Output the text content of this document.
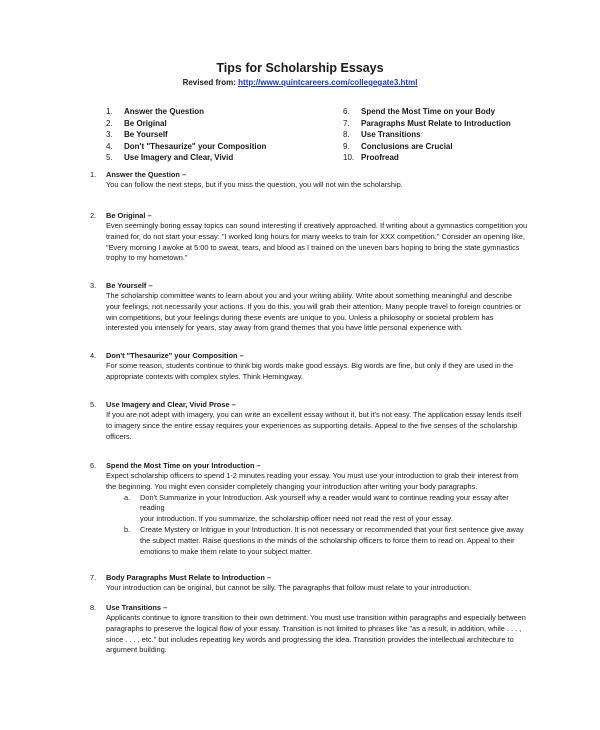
Tips for Scholarship Essays
Revised from: http://www.quintcareers.com/collegegate3.html
1.	Answer the Question
2.	Be Original
3.	Be Yourself
4.	Don't "Thesaurize" your Composition
5.	Use Imagery and Clear, Vivid
6.	Spend the Most Time on your Body
7.	Paragraphs Must Relate to Introduction
8.	Use Transitions
9.	Conclusions are Crucial
10. Proofread
1.	Answer the Question –
You can follow the next steps, but if you miss the question, you will not win the scholarship.
2.	Be Original –
Even seemingly boring essay topics can sound interesting if creatively approached. If writing about a gymnastics competition you
trained for, do not start your essay: "I worked long hours for many weeks to train for XXX competition." Consider an opening like,
"Every morning I awoke at 5:00 to sweat, tears, and blood as I trained on the uneven bars hoping to bring the state gymnastics
trophy to my hometown."
3.	Be Yourself –
The scholarship committee wants to learn about you and your writing ability. Write about something meaningful and describe
your feelings, not necessarily your actions. If you do this, you will grab their attention. Many people travel to foreign countries or
win competitions, but your feelings during these events are unique to you. Unless a philosophy or societal problem has
interested you intensely for years, stay away from grand themes that you have little personal experience with.
4.	Don't "Thesaurize" your Composition –
For some reason, students continue to think big words make good essays. Big words are fine, but only if they are used in the
appropriate contexts with complex styles. Think Hemingway.
5.	Use Imagery and Clear, Vivid Prose –
If you are not adept with imagery, you can write an excellent essay without it, but it's not easy. The application essay lends itself
to imagery since the entire essay requires your experiences as supporting details. Appeal to the five senses of the scholarship
officers.
6.	Spend the Most Time on your Introduction –
Expect scholarship officers to spend 1-2 minutes reading your essay. You must use your introduction to grab their interest from
the beginning. You might even consider completely changing your introduction after writing your body paragraphs.
a.	Don't Summarize in your Introduction. Ask yourself why a reader would want to continue reading your essay after reading
your introduction. If you summarize, the scholarship officer need not read the rest of your essay.
b.	Create Mystery or Intrigue in your Introduction. It is not necessary or recommended that your first sentence give away
the subject matter. Raise questions in the minds of the scholarship officers to force them to read on. Appeal to their
emotions to make them relate to your subject matter.
7.	Body Paragraphs Must Relate to Introduction –
Your introduction can be original, but cannot be silly. The paragraphs that follow must relate to your introduction.
8.	Use Transitions –
Applicants continue to ignore transition to their own detriment. You must use transition within paragraphs and especially between
paragraphs to preserve the logical flow of your essay. Transition is not limited to phrases like "as a result, in addition, while . . . ,
since . . . , etc." but includes repeating key words and progressing the idea. Transition provides the intellectual architecture to
argument building.
